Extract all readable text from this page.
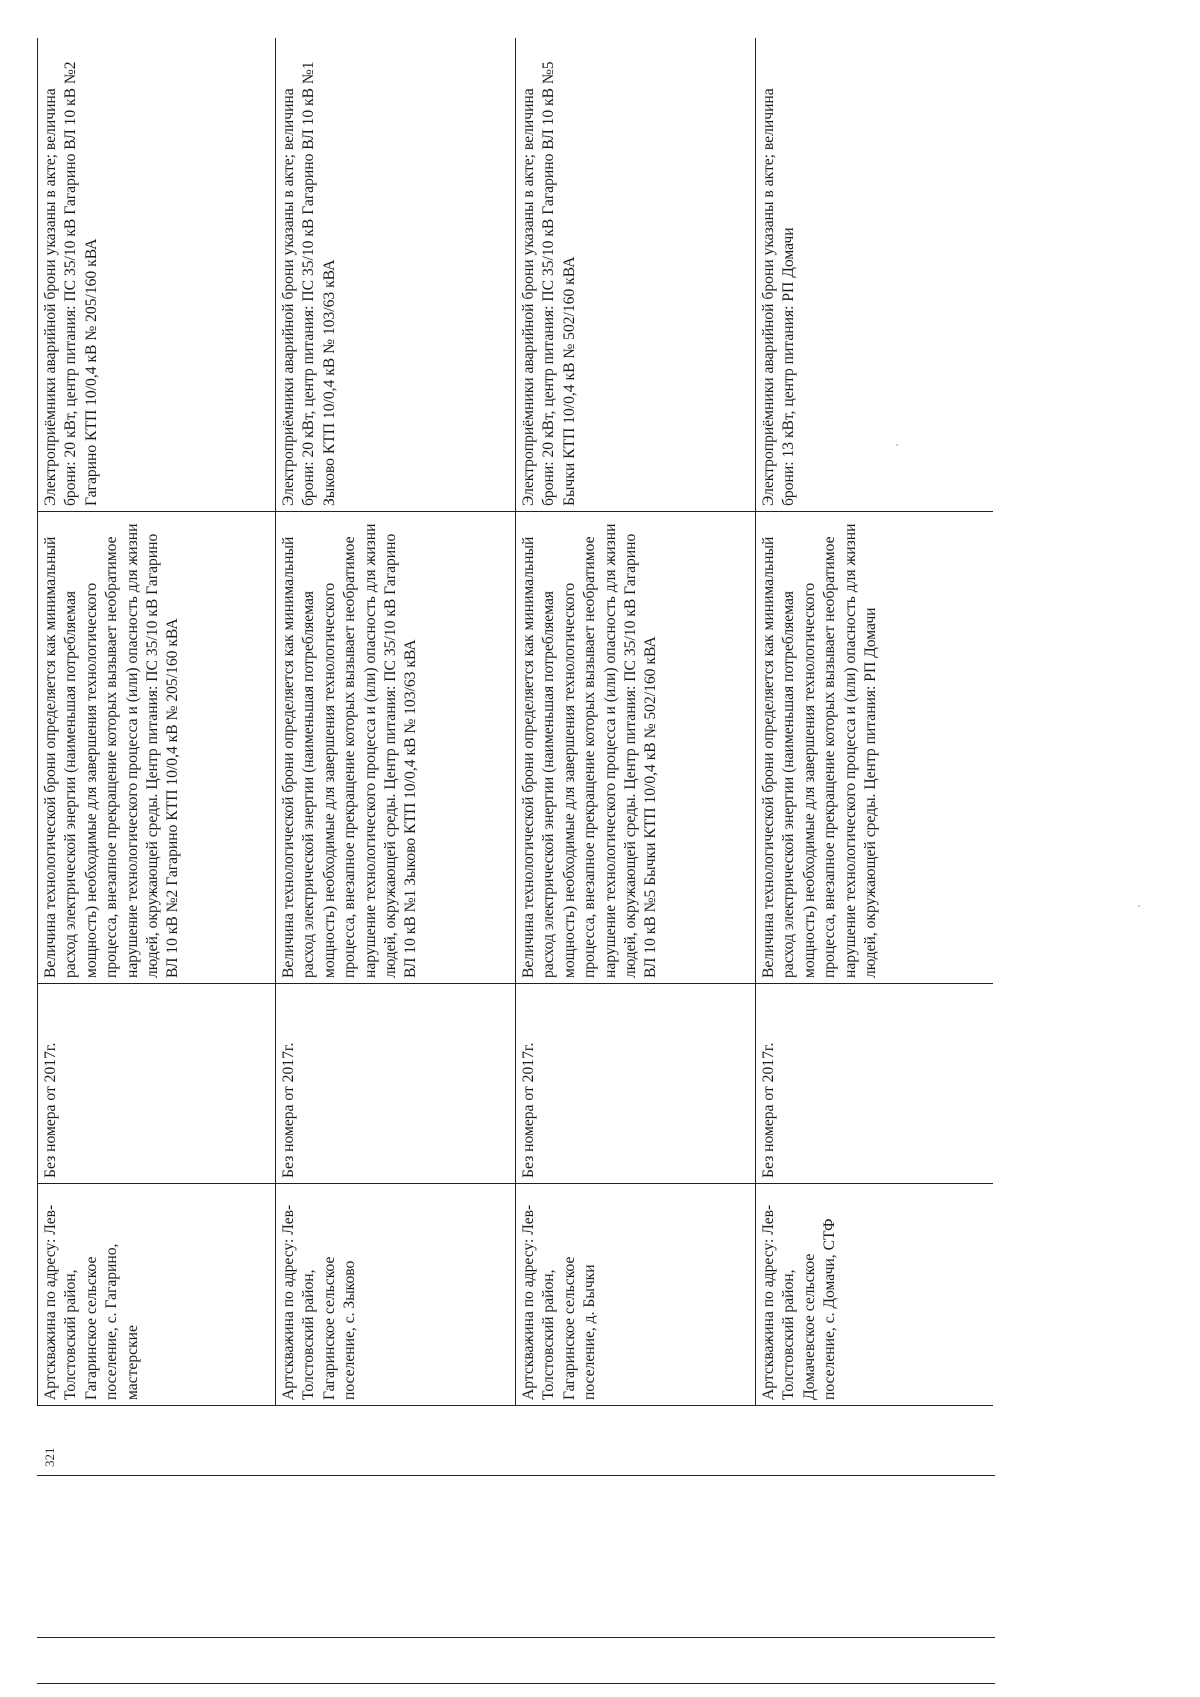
Артскважина по адресу: Лев-Толстовский район, Гагаринское сельское поселение, с. Гагарино, мастерские	Без номера от 2017г.	Величина технологической брони определяется как минимальный расход электрической энергии (наименьшая потребляемая мощность) необходимые для завершения технологического процесса, внезапное прекращение которых вызывает необратимое нарушение технологического процесса и (или) опасность для жизни людей, окружающей среды. Центр питания: ПС 35/10 кВ Гагарино ВЛ 10 кВ №2 Гагарино КТП 10/0,4 кВ № 205/160 кВА	Электроприёмники аварийной брони указаны в акте; величина брони: 20 кВт, центр питания: ПС 35/10 кВ Гагарино ВЛ 10 кВ №2 Гагарино КТП 10/0,4 кВ № 205/160 кВА
Артскважина по адресу: Лев-Толстовский район, Гагаринское сельское поселение, с. Зыково	Без номера от 2017г.	Величина технологической брони определяется как минимальный расход электрической энергии (наименьшая потребляемая мощность) необходимые для завершения технологического процесса, внезапное прекращение которых вызывает необратимое нарушение технологического процесса и (или) опасность для жизни людей, окружающей среды. Центр питания: ПС 35/10 кВ Гагарино ВЛ 10 кВ №1 Зыково КТП 10/0,4 кВ № 103/63 кВА	Электроприёмники аварийной брони указаны в акте; величина брони: 20 кВт, центр питания: ПС 35/10 кВ Гагарино ВЛ 10 кВ №1 Зыково КТП 10/0,4 кВ № 103/63 кВА
Артскважина по адресу: Лев-Толстовский район, Гагаринское сельское поселение, д. Бычки	Без номера от 2017г.	Величина технологической брони определяется как минимальный расход электрической энергии (наименьшая потребляемая мощность) необходимые для завершения технологического процесса, внезапное прекращение которых вызывает необратимое нарушение технологического процесса и (или) опасность для жизни людей, окружающей среды. Центр питания: ПС 35/10 кВ Гагарино ВЛ 10 кВ №5 Бычки КТП 10/0,4 кВ № 502/160 кВА	Электроприёмники аварийной брони указаны в акте; величина брони: 20 кВт, центр питания: ПС 35/10 кВ Гагарино ВЛ 10 кВ №5 Бычки КТП 10/0,4 кВ № 502/160 кВА
Артскважина по адресу: Лев-Толстовский район, Домачевское сельское поселение, с. Домачи, СТФ	Без номера от 2017г.	Величина технологической брони определяется как минимальный расход электрической энергии (наименьшая потребляемая мощность) необходимые для завершения технологического процесса, внезапное прекращение которых вызывает необратимое нарушение технологического процесса и (или) опасность для жизни людей, окружающей среды. Центр питания: РП Домачи	Электроприёмники аварийной брони указаны в акте; величина брони: 13 кВт, центр питания: РП Домачи
321
